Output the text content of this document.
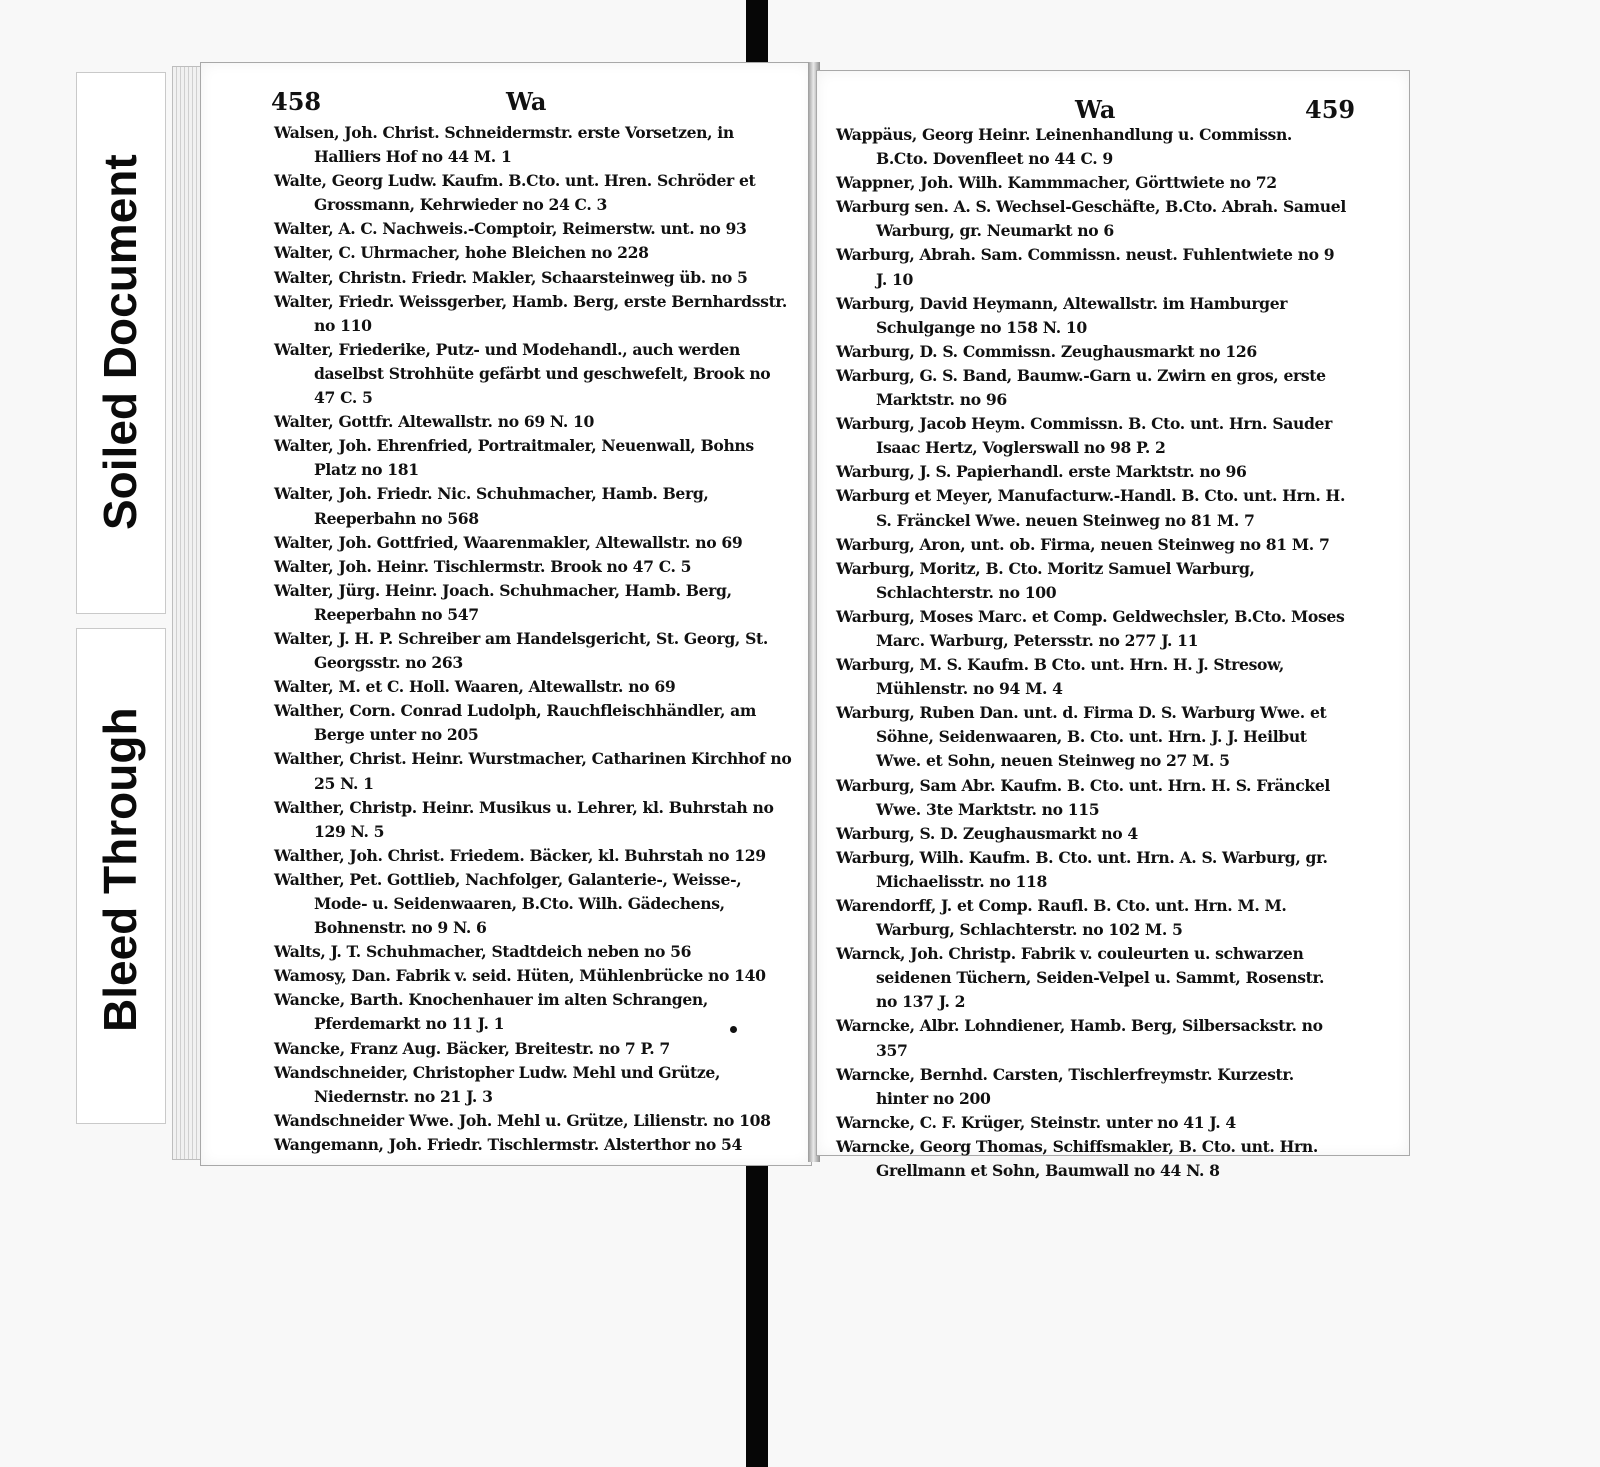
Soiled Document
Bleed Through
458	Wa

Walsen, Joh. Christ. Schneidermstr. erste Vorsetzen, in Halliers Hof no 44 M. 1

Walte, Georg Ludw. Kaufm. B.Cto. unt. Hren. Schröder et Grossmann, Kehrwieder no 24 C. 3

Walter, A. C. Nachweis.-Comptoir, Reimerstw. unt. no 93

Walter, C. Uhrmacher, hohe Bleichen no 228

Walter, Christn. Friedr. Makler, Schaarsteinweg üb. no 5

Walter, Friedr. Weissgerber, Hamb. Berg, erste Bernhardsstr. no 110

Walter, Friederike, Putz- und Modehandl., auch werden daselbst Strohhüte gefärbt und geschwefelt, Brook no 47 C. 5

Walter, Gottfr. Altewallstr. no 69 N. 10

Walter, Joh. Ehrenfried, Portraitmaler, Neuenwall, Bohns Platz no 181

Walter, Joh. Friedr. Nic. Schuhmacher, Hamb. Berg, Reeperbahn no 568

Walter, Joh. Gottfried, Waarenmakler, Altewallstr. no 69

Walter, Joh. Heinr. Tischlermstr. Brook no 47 C. 5

Walter, Jürg. Heinr. Joach. Schuhmacher, Hamb. Berg, Reeperbahn no 547

Walter, J. H. P. Schreiber am Handelsgericht, St. Georg, St. Georgsstr. no 263

Walter, M. et C. Holl. Waaren, Altewallstr. no 69

Walther, Corn. Conrad Ludolph, Rauchfleischhändler, am Berge unter no 205

Walther, Christ. Heinr. Wurstmacher, Catharinen Kirchhof no 25 N. 1

Walther, Christp. Heinr. Musikus u. Lehrer, kl. Buhrstah no 129 N. 5

Walther, Joh. Christ. Friedem. Bäcker, kl. Buhrstah no 129

Walther, Pet. Gottlieb, Nachfolger, Galanterie-, Weisse-, Mode- u. Seidenwaaren, B.Cto. Wilh. Gädechens, Bohnenstr. no 9 N. 6

Walts, J. T. Schuhmacher, Stadtdeich neben no 56

Wamosy, Dan. Fabrik v. seid. Hüten, Mühlenbrücke no 140

Wancke, Barth. Knochenhauer im alten Schrangen, Pferdemarkt no 11 J. 1

Wancke, Franz Aug. Bäcker, Breitestr. no 7 P. 7

Wandschneider, Christopher Ludw. Mehl und Grütze, Niedernstr. no 21 J. 3

Wandschneider Wwe. Joh. Mehl u. Grütze, Lilienstr. no 108

Wangemann, Joh. Friedr. Tischlermstr. Alsterthor no 54

Wa	459

Wappäus, Georg Heinr. Leinenhandlung u. Commissn. B.Cto. Dovenfleet no 44 C. 9

Wappner, Joh. Wilh. Kammmacher, Görttwiete no 72

Warburg sen. A. S. Wechsel-Geschäfte, B.Cto. Abrah. Samuel Warburg, gr. Neumarkt no 6

Warburg, Abrah. Sam. Commissn. neust. Fuhlentwiete no 9 J. 10

Warburg, David Heymann, Altewallstr. im Hamburger Schulgange no 158 N. 10

Warburg, D. S. Commissn. Zeughausmarkt no 126

Warburg, G. S. Band, Baumw.-Garn u. Zwirn en gros, erste Marktstr. no 96

Warburg, Jacob Heym. Commissn. B. Cto. unt. Hrn. Sauder Isaac Hertz, Voglerswall no 98 P. 2

Warburg, J. S. Papierhandl. erste Marktstr. no 96

Warburg et Meyer, Manufacturw.-Handl. B. Cto. unt. Hrn. H. S. Fränckel Wwe. neuen Steinweg no 81 M. 7

Warburg, Aron, unt. ob. Firma, neuen Steinweg no 81 M. 7

Warburg, Moritz, B. Cto. Moritz Samuel Warburg, Schlachterstr. no 100

Warburg, Moses Marc. et Comp. Geldwechsler, B.Cto. Moses Marc. Warburg, Petersstr. no 277 J. 11

Warburg, M. S. Kaufm. B Cto. unt. Hrn. H. J. Stresow, Mühlenstr. no 94 M. 4

Warburg, Ruben Dan. unt. d. Firma D. S. Warburg Wwe. et Söhne, Seidenwaaren, B. Cto. unt. Hrn. J. J. Heilbut Wwe. et Sohn, neuen Steinweg no 27 M. 5

Warburg, Sam Abr. Kaufm. B. Cto. unt. Hrn. H. S. Fränckel Wwe. 3te Marktstr. no 115

Warburg, S. D. Zeughausmarkt no 4

Warburg, Wilh. Kaufm. B. Cto. unt. Hrn. A. S. Warburg, gr. Michaelisstr. no 118

Warendorff, J. et Comp. Raufl. B. Cto. unt. Hrn. M. M. Warburg, Schlachterstr. no 102 M. 5

Warnck, Joh. Christp. Fabrik v. couleurten u. schwarzen seidenen Tüchern, Seiden-Velpel u. Sammt, Rosenstr. no 137 J. 2

Warncke, Albr. Lohndiener, Hamb. Berg, Silbersackstr. no 357

Warncke, Bernhd. Carsten, Tischlerfreymstr. Kurzestr. hinter no 200

Warncke, C. F. Krüger, Steinstr. unter no 41 J. 4

Warncke, Georg Thomas, Schiffsmakler, B. Cto. unt. Hrn. Grellmann et Sohn, Baumwall no 44 N. 8
